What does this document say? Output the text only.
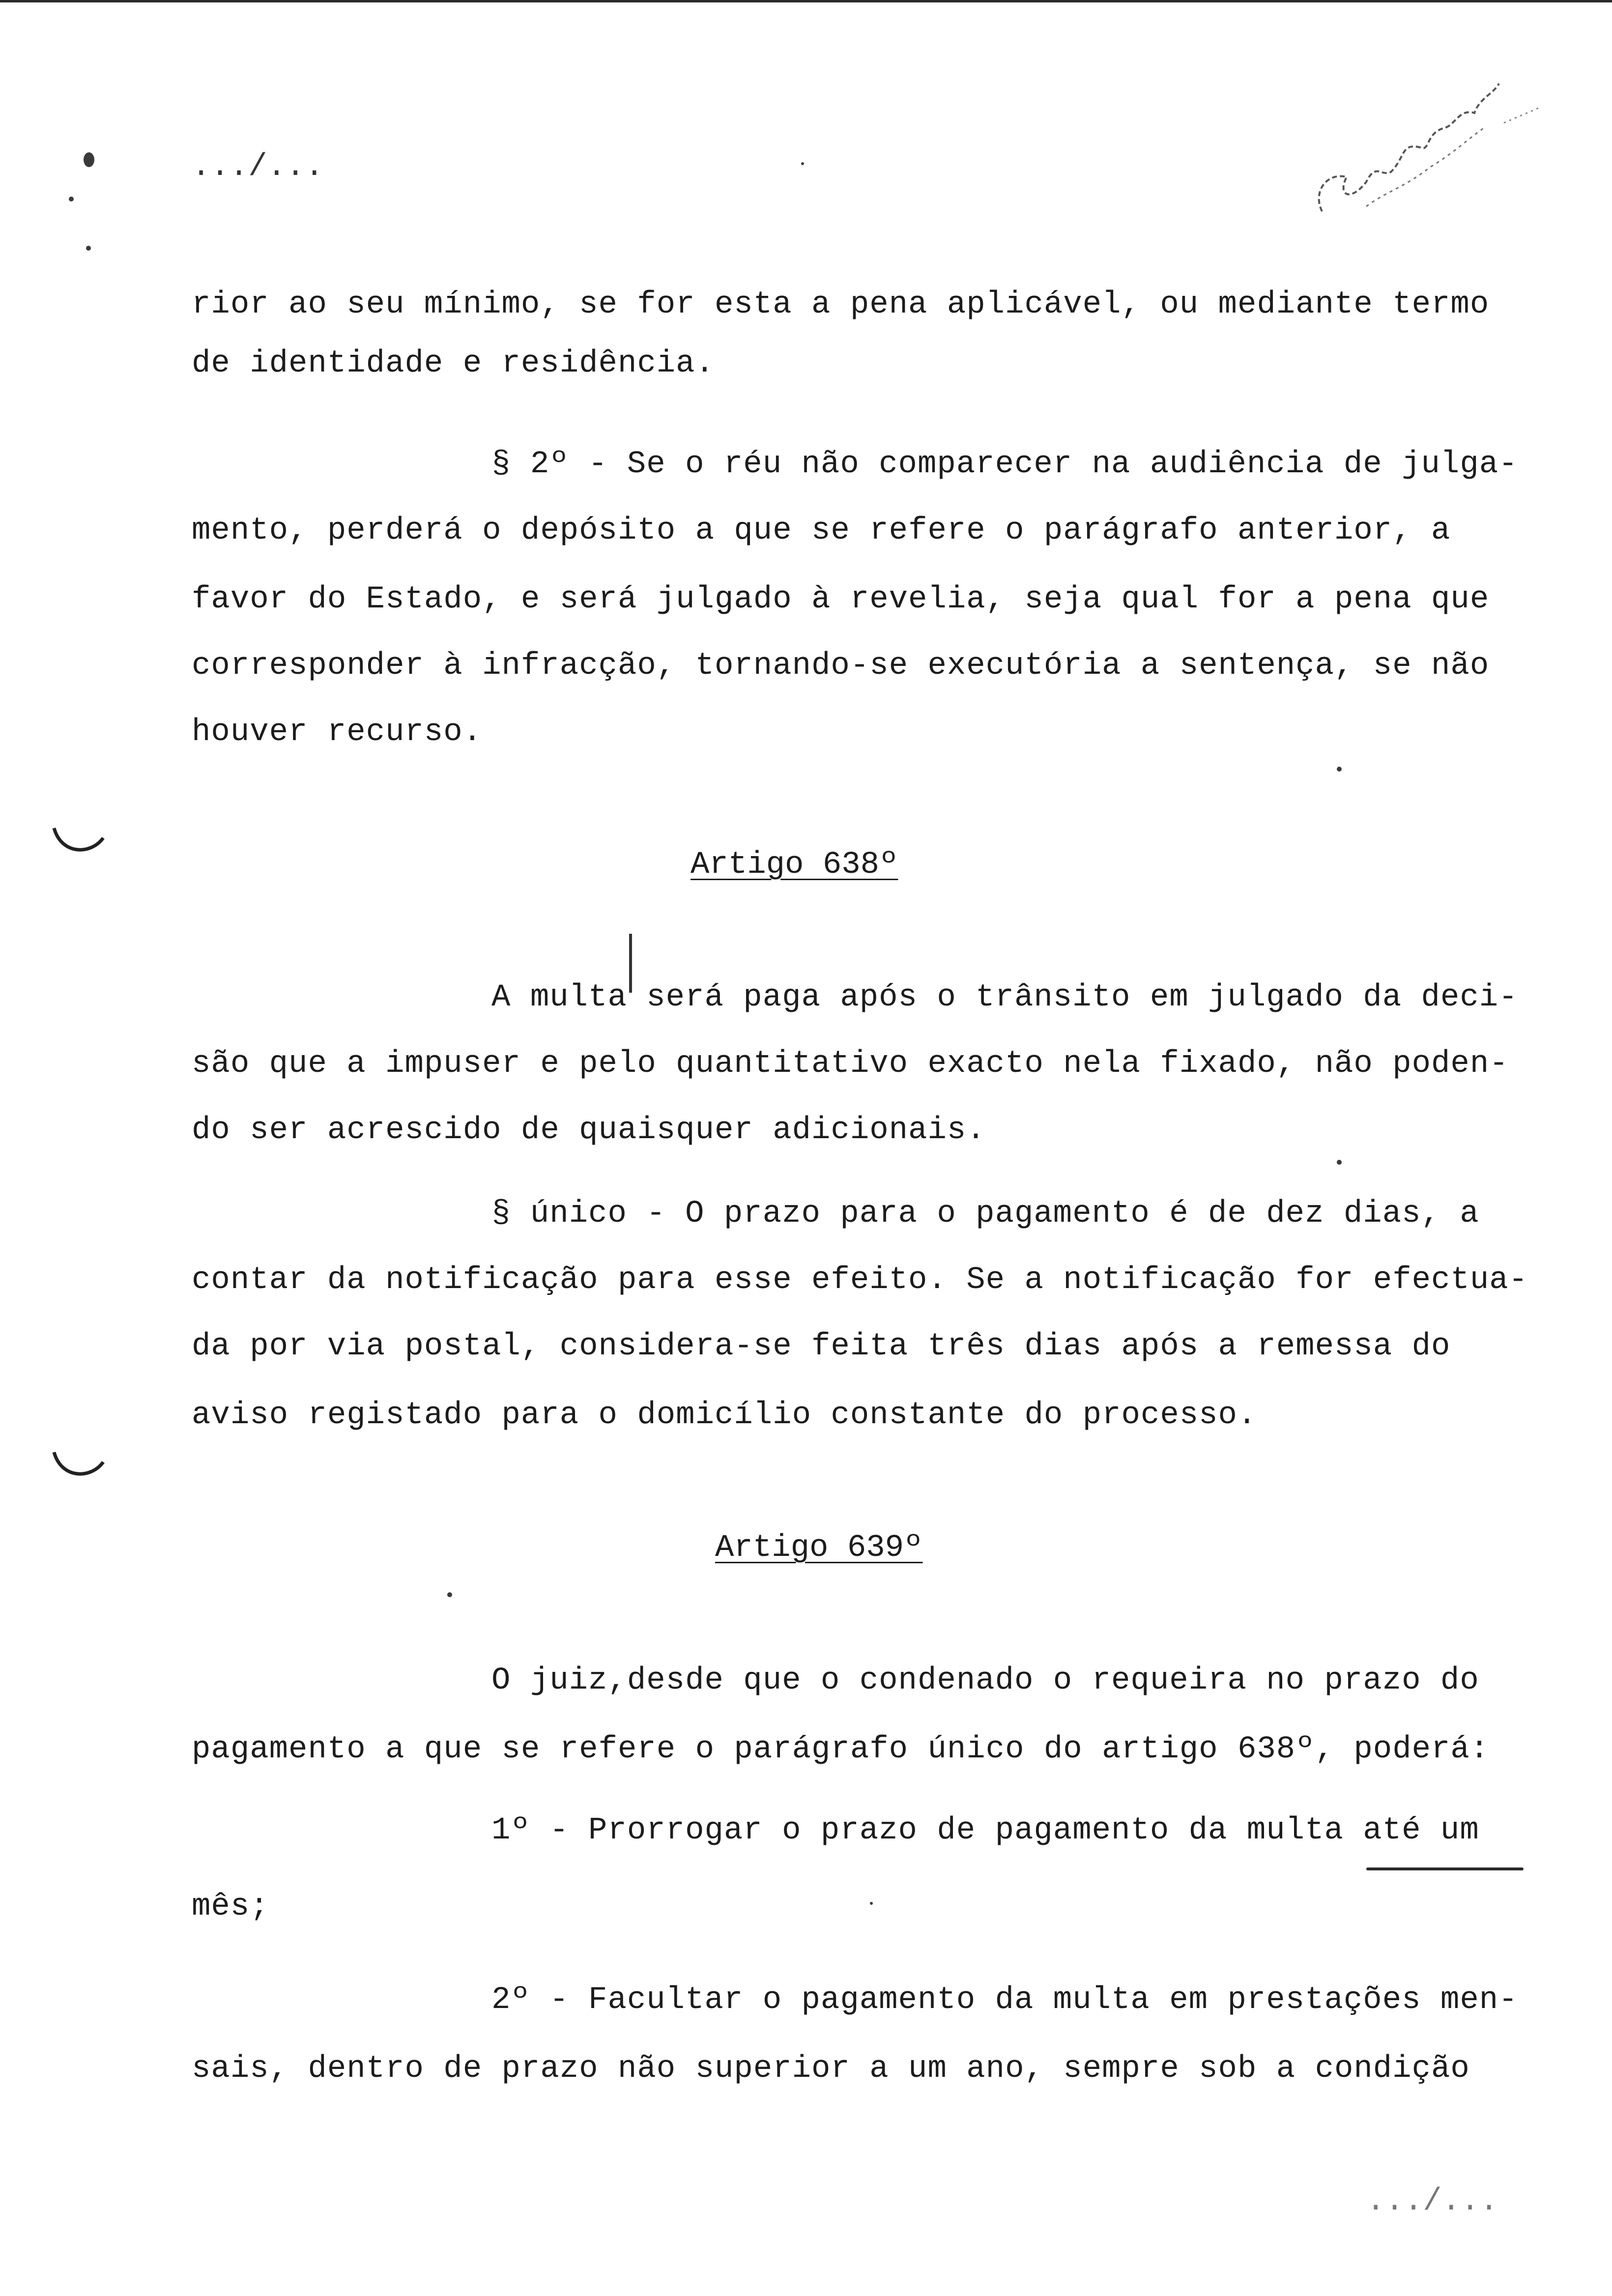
.../...
rior ao seu mínimo, se for esta a pena aplicável, ou mediante termo
de identidade e residência.
§ 2º - Se o réu não comparecer na audiência de julga-
mento, perderá o depósito a que se refere o parágrafo anterior, a
favor do Estado, e será julgado à revelia, seja qual for a pena que
corresponder à infracção, tornando-se executória a sentença, se não
houver recurso.
Artigo 638º
A multa será paga após o trânsito em julgado da deci-
são que a impuser e pelo quantitativo exacto nela fixado, não poden-
do ser acrescido de quaisquer adicionais.
§ único - O prazo para o pagamento é de dez dias, a
contar da notificação para esse efeito. Se a notificação for efectua-
da por via postal, considera-se feita três dias após a remessa do
aviso registado para o domicílio constante do processo.
Artigo 639º
O juiz,desde que o condenado o requeira no prazo do
pagamento a que se refere o parágrafo único do artigo 638º, poderá:
1º - Prorrogar o prazo de pagamento da multa até um
mês;
2º - Facultar o pagamento da multa em prestações men-
sais, dentro de prazo não superior a um ano, sempre sob a condição
.../...
